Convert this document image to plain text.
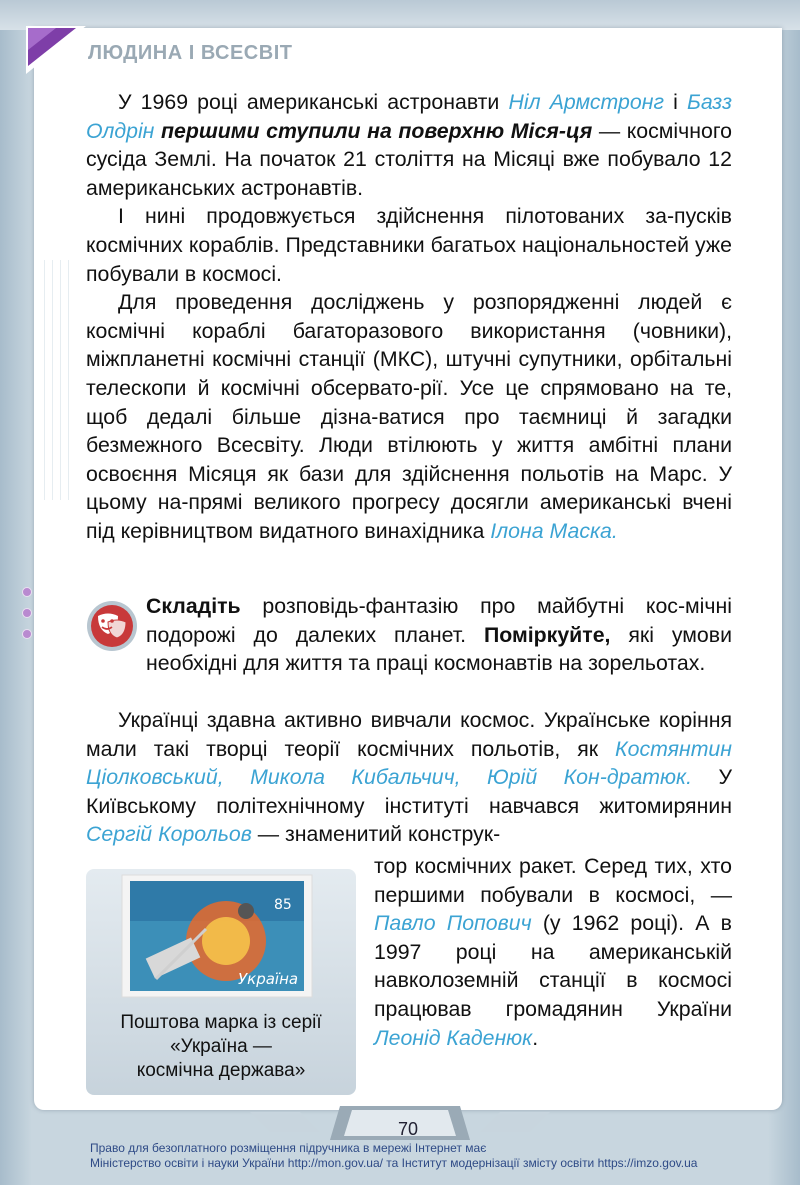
ЛЮДИНА І ВСЕСВІТ

У 1969 році американські астронавти Ніл Армстронг і Базз Олдрін першими ступили на поверхню Міся-ця — космічного сусіда Землі. На початок 21 століття на Місяці вже побувало 12 американських астронавтів.

І нині продовжується здійснення пілотованих за-пусків космічних кораблів. Представники багатьох національностей уже побували в космосі.

Для проведення досліджень у розпорядженні людей є космічні кораблі багаторазового використання (човники), міжпланетні космічні станції (МКС), штучні супутники, орбітальні телескопи й космічні обсервато-рії. Усе це спрямовано на те, щоб дедалі більше дізна-ватися про таємниці й загадки безмежного Всесвіту. Люди втілюють у життя амбітні плани освоєння Місяця як бази для здійснення польотів на Марс. У цьому на-прямі великого прогресу досягли американські вчені під керівництвом видатного винахідника Ілона Маска.

Складіть розповідь-фантазію про майбутні кос-мічні подорожі до далеких планет. Поміркуйте, які умови необхідні для життя та праці космонавтів на зорельотах.

Українці здавна активно вивчали космос. Українське коріння мали такі творці теорії космічних польотів, як Костянтин Ціолковський, Микола Кибальчич, Юрій Кон-дратюк. У Київському політехнічному інституті навчався житомирянин Сергій Корольов — знаменитий конструк-

85
Україна
Поштова марка із серії
«Україна —
космічна держава»

тор космічних ракет. Серед тих, хто першими побували в космосі, — Павло Попович (у 1962 році). А в 1997 році на американській навколоземній станції в космосі працював громадянин України Леонід Каденюк.

70
Право для безоплатного розміщення підручника в мережі Інтернет має
Міністерство освіти і науки України http://mon.gov.ua/ та Інститут модернізації змісту освіти https://imzo.gov.ua
